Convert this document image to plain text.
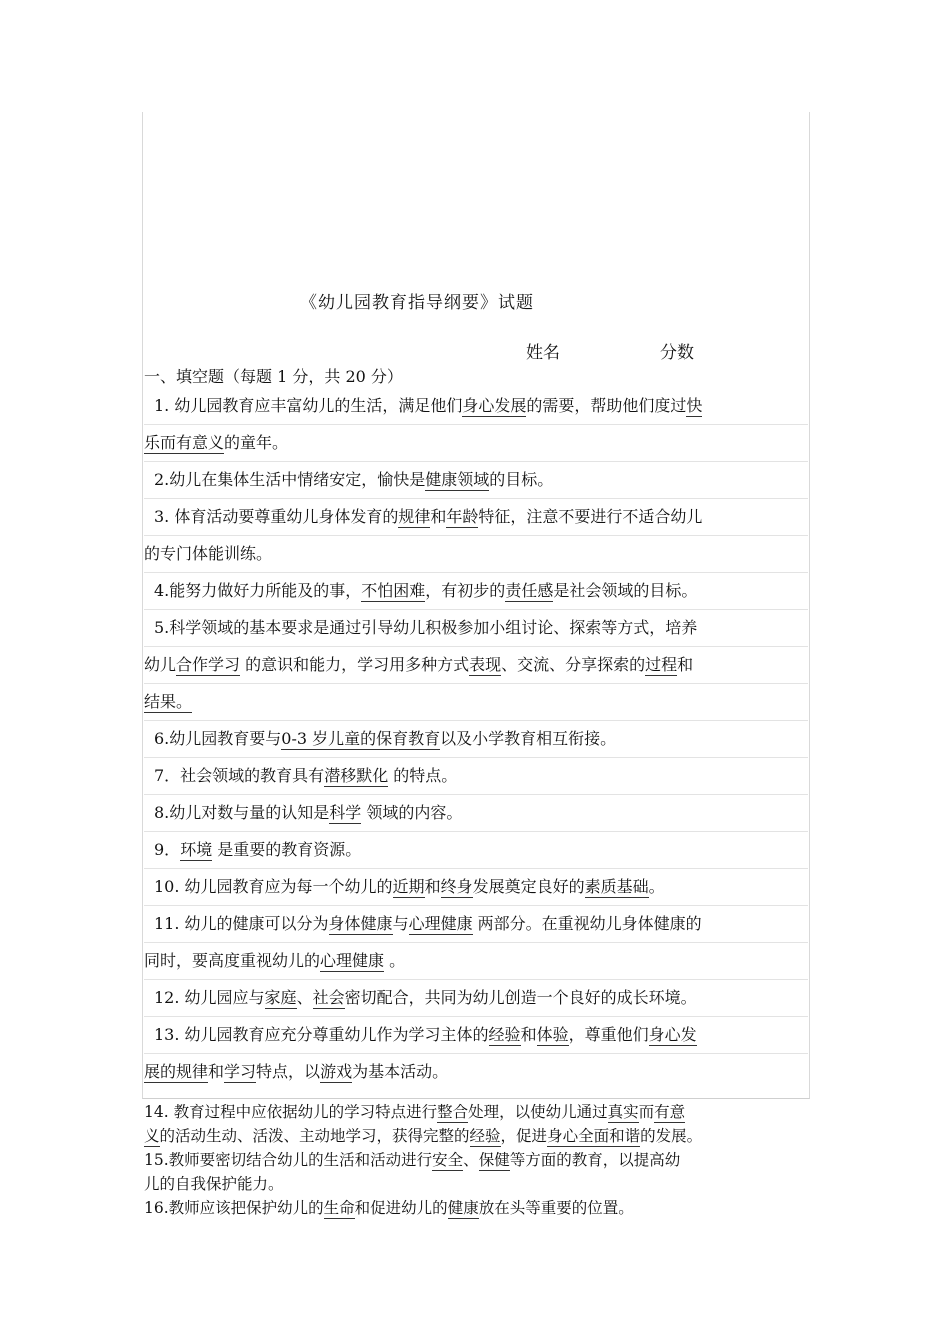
《幼儿园教育指导纲要》试题
姓名	分数
一、填空题（每题 1 分，共 20 分）
1. 幼儿园教育应丰富幼儿的生活，满足他们身心发展的需要，帮助他们度过快
乐而有意义的童年。
2.幼儿在集体生活中情绪安定，愉快是健康领域的目标。
3. 体育活动要尊重幼儿身体发育的规律和年龄特征，注意不要进行不适合幼儿
的专门体能训练。
4.能努力做好力所能及的事，不怕困难，有初步的责任感是社会领域的目标。
5.科学领域的基本要求是通过引导幼儿积极参加小组讨论、探索等方式，培养
幼儿合作学习 的意识和能力，学习用多种方式表现、交流、分享探索的过程和
结果。
6.幼儿园教育要与0-3 岁儿童的保育教育以及小学教育相互衔接。
7．社会领域的教育具有潜移默化 的特点。
8.幼儿对数与量的认知是科学 领域的内容。
9．环境 是重要的教育资源。
10. 幼儿园教育应为每一个幼儿的近期和终身发展奠定良好的素质基础。
11. 幼儿的健康可以分为身体健康与心理健康 两部分。在重视幼儿身体健康的
同时，要高度重视幼儿的心理健康 。
12. 幼儿园应与家庭、社会密切配合，共同为幼儿创造一个良好的成长环境。
13. 幼儿园教育应充分尊重幼儿作为学习主体的经验和体验，尊重他们身心发
展的规律和学习特点，以游戏为基本活动。
14. 教育过程中应依据幼儿的学习特点进行整合处理，以使幼儿通过真实而有意
义的活动生动、活泼、主动地学习，获得完整的经验，促进身心全面和谐的发展。
15.教师要密切结合幼儿的生活和活动进行安全、保健等方面的教育，以提高幼
儿的自我保护能力。
16.教师应该把保护幼儿的生命和促进幼儿的健康放在头等重要的位置。
